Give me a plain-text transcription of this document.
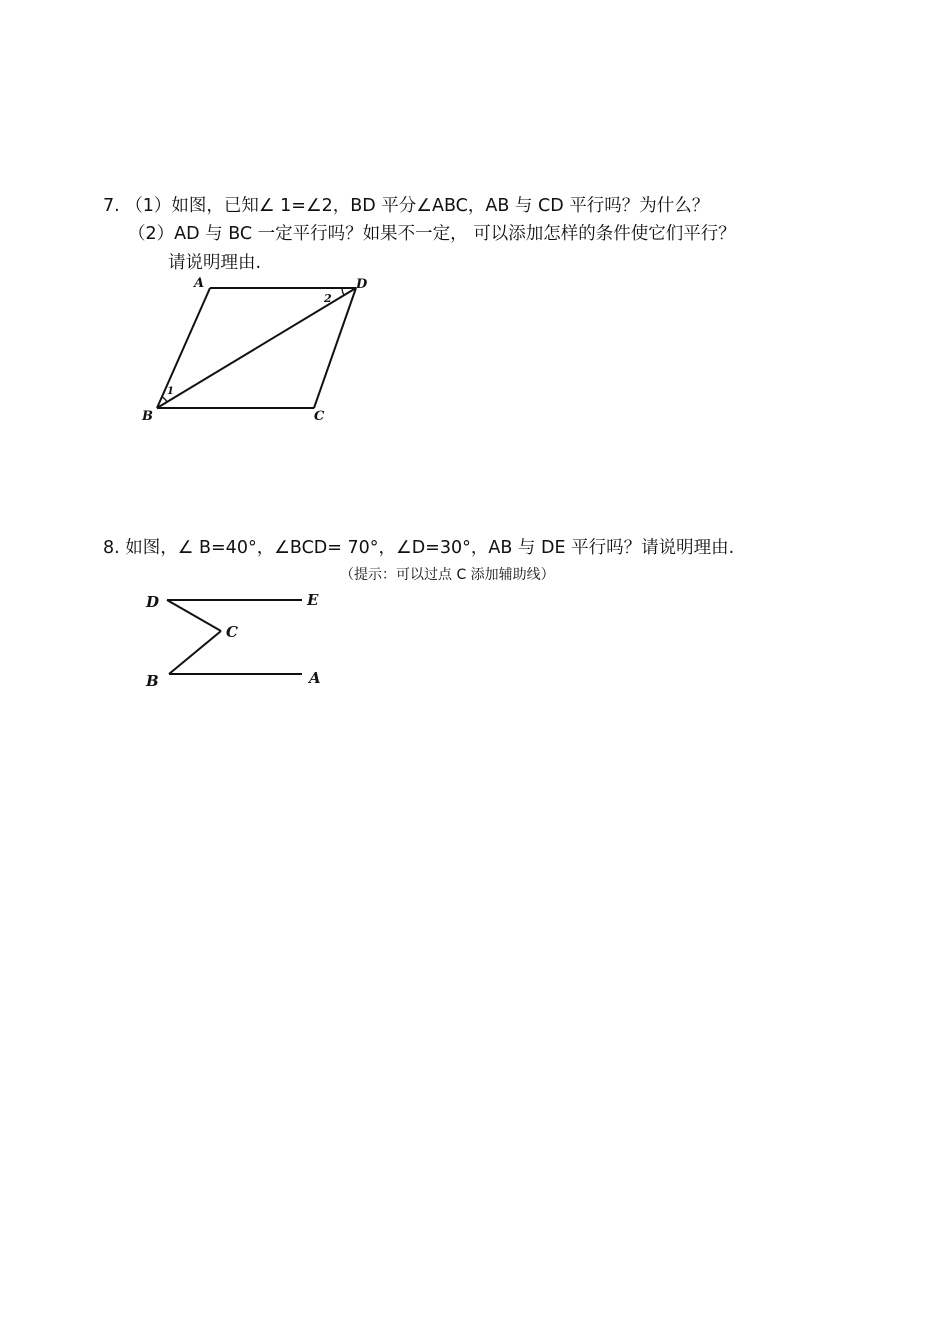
7. （1）如图，已知∠ 1=∠2，BD 平分∠ABC，AB 与 CD 平行吗？为什么？
（2）AD 与 BC 一定平行吗？如果不一定， 可以添加怎样的条件使它们平行？
请说明理由.
A	D
B	C
1
2
8. 如图，∠ B=40°，∠BCD= 70°，∠D=30°，AB 与 DE 平行吗？请说明理由.
（提示：可以过点 C 添加辅助线）
D	E
C
B	A
